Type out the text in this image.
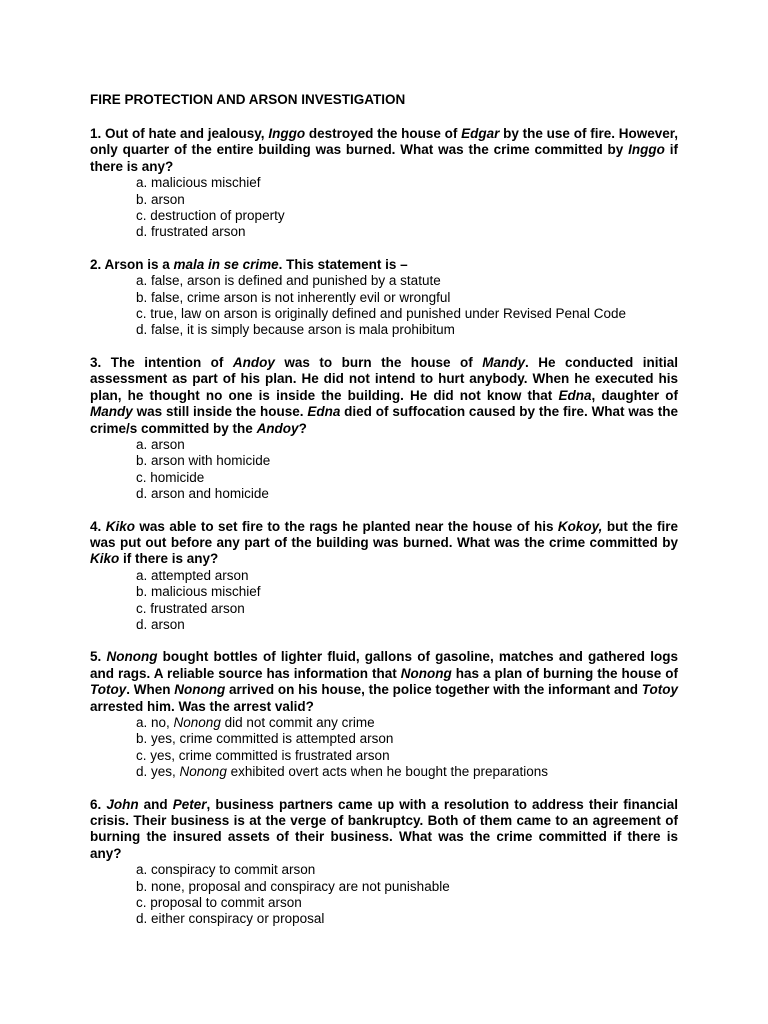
FIRE PROTECTION AND ARSON INVESTIGATION

1. Out of hate and jealousy, Inggo destroyed the house of Edgar by the use of fire. However, only quarter of the entire building was burned. What was the crime committed by Inggo if there is any?

a. malicious mischief
b. arson
c. destruction of property
d. frustrated arson

2. Arson is a mala in se crime. This statement is –

a. false, arson is defined and punished by a statute
b. false, crime arson is not inherently evil or wrongful
c. true, law on arson is originally defined and punished under Revised Penal Code
d. false, it is simply because arson is mala prohibitum

3. The intention of Andoy was to burn the house of Mandy. He conducted initial assessment as part of his plan. He did not intend to hurt anybody. When he executed his plan, he thought no one is inside the building. He did not know that Edna, daughter of Mandy was still inside the house. Edna died of suffocation caused by the fire. What was the crime/s committed by the Andoy?

a. arson
b. arson with homicide
c. homicide
d. arson and homicide

4. Kiko was able to set fire to the rags he planted near the house of his Kokoy, but the fire was put out before any part of the building was burned. What was the crime committed by Kiko if there is any?

a. attempted arson
b. malicious mischief
c. frustrated arson
d. arson

5. Nonong bought bottles of lighter fluid, gallons of gasoline, matches and gathered logs and rags. A reliable source has information that Nonong has a plan of burning the house of Totoy. When Nonong arrived on his house, the police together with the informant and Totoy arrested him. Was the arrest valid?

a. no, Nonong did not commit any crime
b. yes, crime committed is attempted arson
c. yes, crime committed is frustrated arson
d. yes, Nonong exhibited overt acts when he bought the preparations

6. John and Peter, business partners came up with a resolution to address their financial crisis. Their business is at the verge of bankruptcy. Both of them came to an agreement of burning the insured assets of their business. What was the crime committed if there is any?

a. conspiracy to commit arson
b. none, proposal and conspiracy are not punishable
c. proposal to commit arson
d. either conspiracy or proposal
